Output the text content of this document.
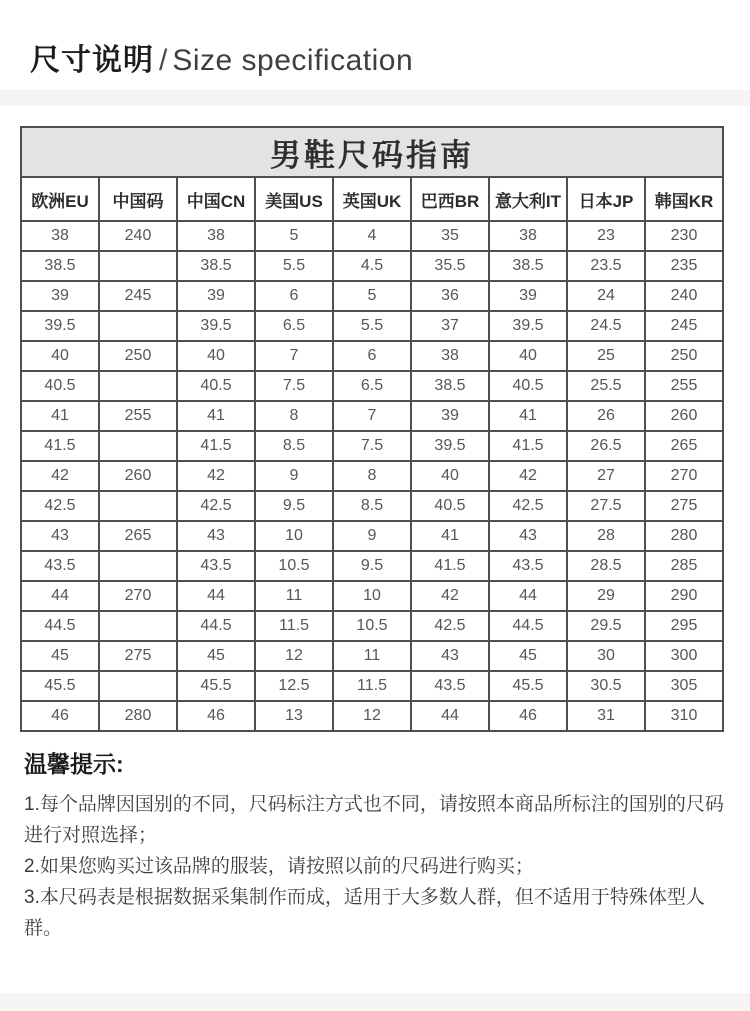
尺寸说明 / Size specification
男鞋尺码指南								
欧洲EU	中国码	中国CN	美国US	英国UK	巴西BR	意大利IT	日本JP	韩国KR
38	240	38	5	4	35	38	23	230
38.5		38.5	5.5	4.5	35.5	38.5	23.5	235
39	245	39	6	5	36	39	24	240
39.5		39.5	6.5	5.5	37	39.5	24.5	245
40	250	40	7	6	38	40	25	250
40.5		40.5	7.5	6.5	38.5	40.5	25.5	255
41	255	41	8	7	39	41	26	260
41.5		41.5	8.5	7.5	39.5	41.5	26.5	265
42	260	42	9	8	40	42	27	270
42.5		42.5	9.5	8.5	40.5	42.5	27.5	275
43	265	43	10	9	41	43	28	280
43.5		43.5	10.5	9.5	41.5	43.5	28.5	285
44	270	44	11	10	42	44	29	290
44.5		44.5	11.5	10.5	42.5	44.5	29.5	295
45	275	45	12	11	43	45	30	300
45.5		45.5	12.5	11.5	43.5	45.5	30.5	305
46	280	46	13	12	44	46	31	310
温馨提示:

1.每个品牌因国别的不同，尺码标注方式也不同，请按照本商品所标注的国别的尺码进行对照选择；

2.如果您购买过该品牌的服装，请按照以前的尺码进行购买；

3.本尺码表是根据数据采集制作而成，适用于大多数人群，但不适用于特殊体型人群。
